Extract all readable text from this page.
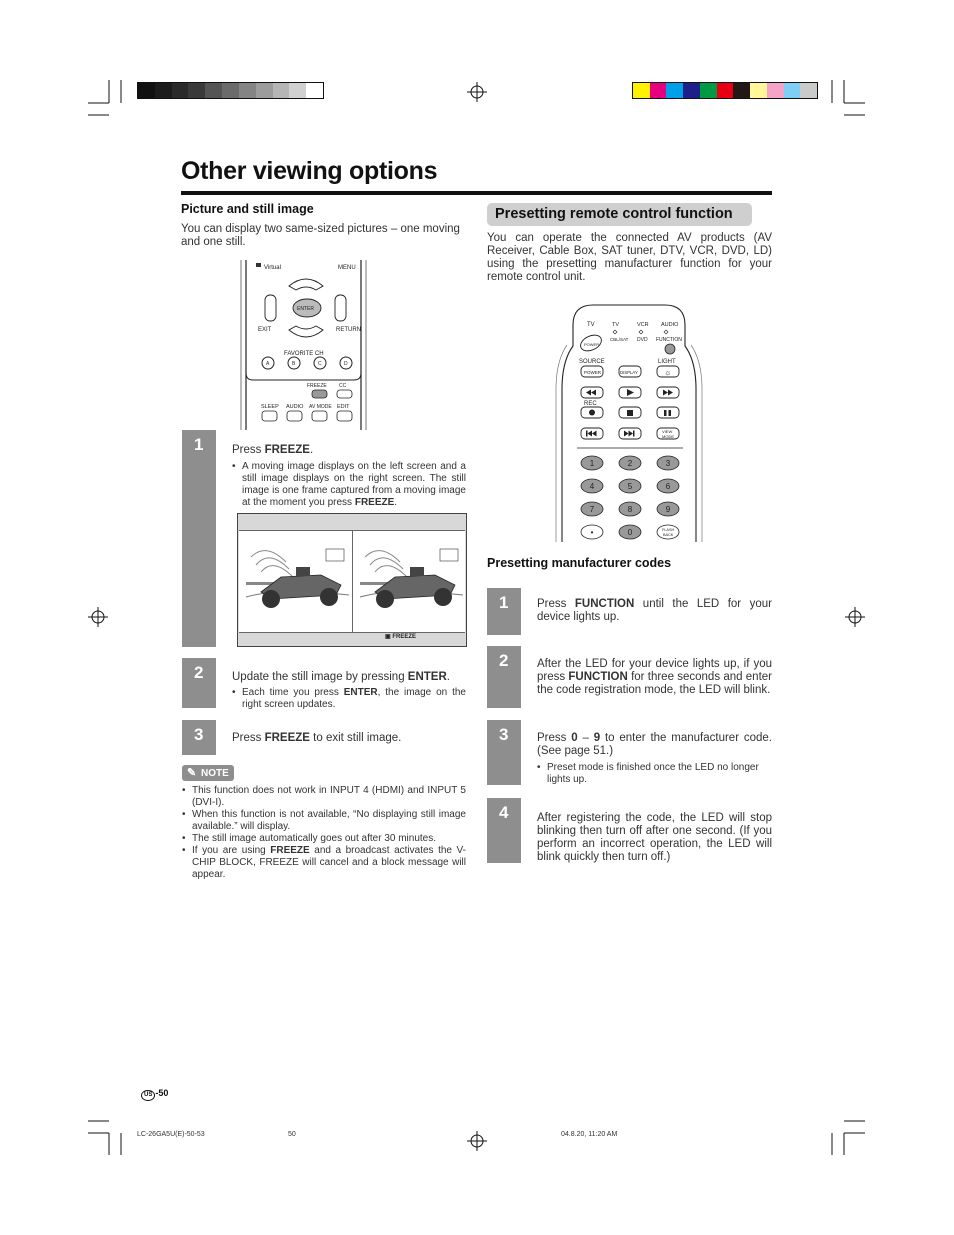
Other viewing options
Picture and still image
You can display two same-sized pictures – one moving and one still.
Virtual	MENU
ENTER
EXIT	RETURN
FAVORITE CH
A	B	C	D
FREEZE CC
SLEEP AUDIO AV MODE EDIT
1	Press FREEZE.
• A moving image displays on the left screen and a still image displays on the right screen. The still image is one frame captured from a moving image at the moment you press FREEZE.
▣ FREEZE
2	Update the still image by pressing ENTER.
• Each time you press ENTER, the image on the right screen updates.
3	Press FREEZE to exit still image.
✎ NOTE
• This function does not work in INPUT 4 (HDMI) and INPUT 5 (DVI-I).
• When this function is not available, “No displaying still image available.” will display.
• The still image automatically goes out after 30 minutes.
• If you are using FREEZE and a broadcast activates the V-CHIP BLOCK, FREEZE will cancel and a block message will appear.
Presetting remote control function
You can operate the connected AV products (AV Receiver, Cable Box, SAT tuner, DTV, VCR, DVD, LD) using the presetting manufacturer function for your remote control unit.
TV	TV	VCR AUDIO
CBL/SAT DVD FUNCTION
POWER
SOURCE	LIGHT
POWER	DISPLAY	☼
REC
VIEW
MODE
1	2	3
4	5	6
7	8	9
•	0	FLASH
BACK
Presetting manufacturer codes
1	Press FUNCTION until the LED for your device lights up.
2	After the LED for your device lights up, if you press FUNCTION for three seconds and enter the code registration mode, the LED will blink.
3	Press 0 – 9 to enter the manufacturer code. (See page 51.)
• Preset mode is finished once the LED no longer lights up.
4	After registering the code, the LED will stop blinking then turn off after one second. (If you perform an incorrect operation, the LED will blink quickly then turn off.)
US -50
LC-26GA5U(E)-50-53	50	04.8.20, 11:20 AM
